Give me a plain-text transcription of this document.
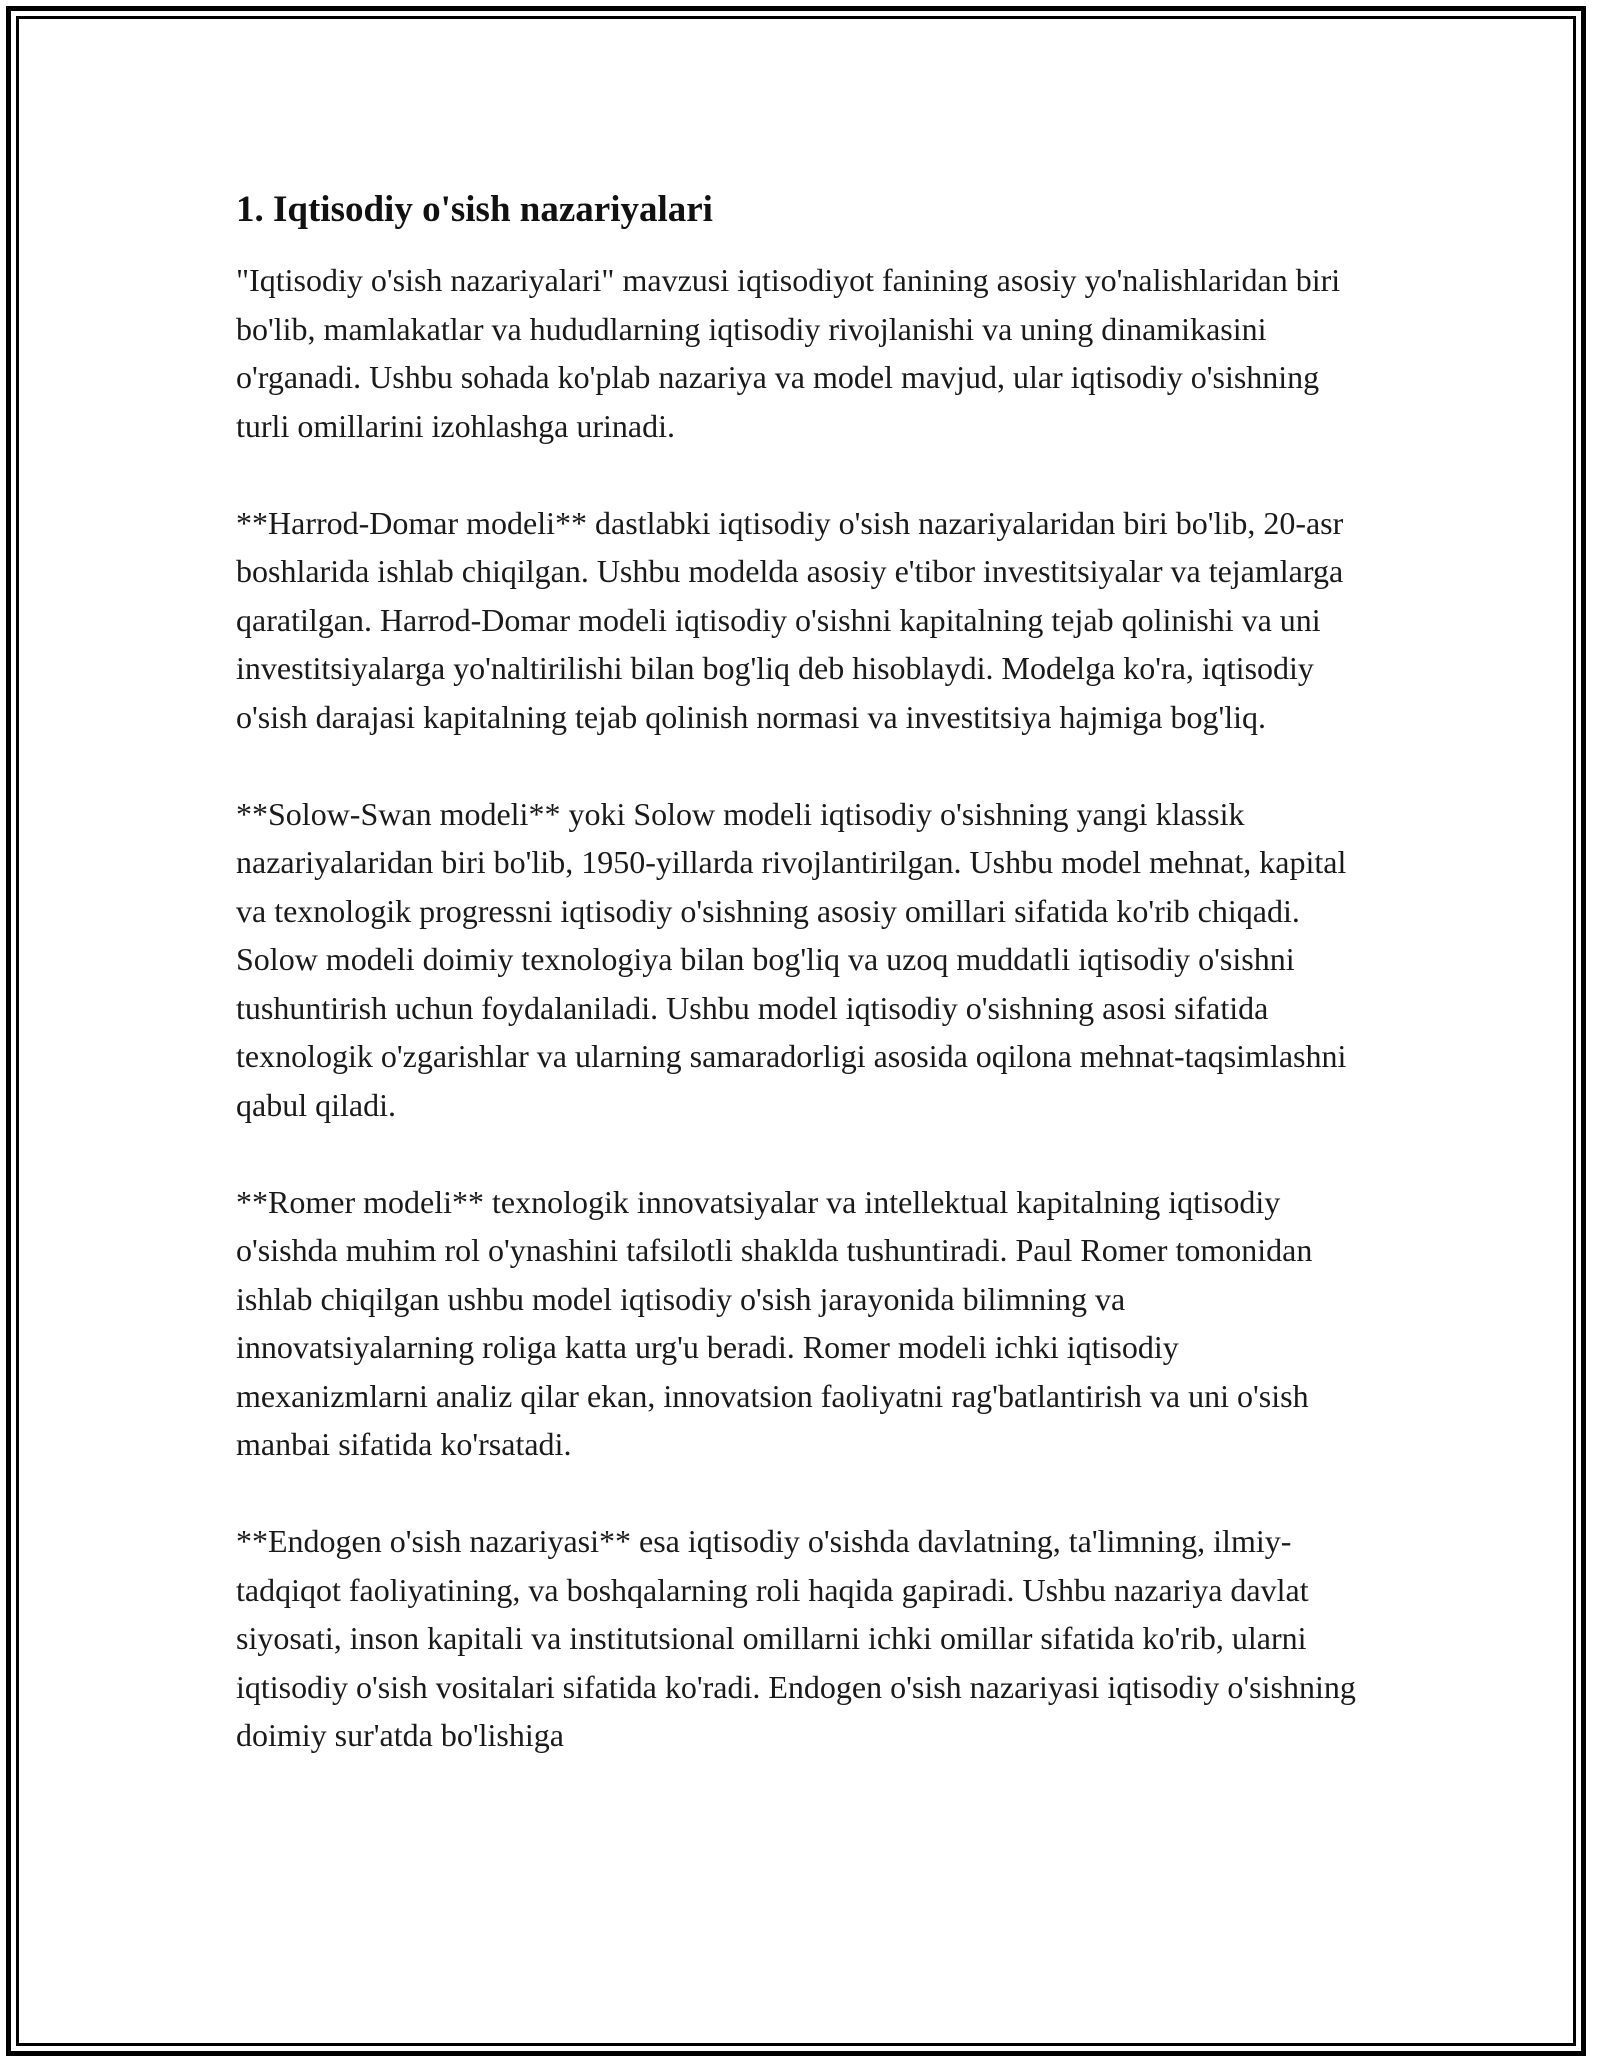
1. Iqtisodiy o'sish nazariyalari

"Iqtisodiy o'sish nazariyalari" mavzusi iqtisodiyot fanining asosiy yo'nalishlaridan biri bo'lib, mamlakatlar va hududlarning iqtisodiy rivojlanishi va uning dinamikasini o'rganadi. Ushbu sohada ko'plab nazariya va model mavjud, ular iqtisodiy o'sishning turli omillarini izohlashga urinadi.

**Harrod-Domar modeli** dastlabki iqtisodiy o'sish nazariyalaridan biri bo'lib, 20-asr boshlarida ishlab chiqilgan. Ushbu modelda asosiy e'tibor investitsiyalar va tejamlarga qaratilgan. Harrod-Domar modeli iqtisodiy o'sishni kapitalning tejab qolinishi va uni investitsiyalarga yo'naltirilishi bilan bog'liq deb hisoblaydi. Modelga ko'ra, iqtisodiy o'sish darajasi kapitalning tejab qolinish normasi va investitsiya hajmiga bog'liq.

**Solow-Swan modeli** yoki Solow modeli iqtisodiy o'sishning yangi klassik nazariyalaridan biri bo'lib, 1950-yillarda rivojlantirilgan. Ushbu model mehnat, kapital va texnologik progressni iqtisodiy o'sishning asosiy omillari sifatida ko'rib chiqadi. Solow modeli doimiy texnologiya bilan bog'liq va uzoq muddatli iqtisodiy o'sishni tushuntirish uchun foydalaniladi. Ushbu model iqtisodiy o'sishning asosi sifatida texnologik o'zgarishlar va ularning samaradorligi asosida oqilona mehnat-taqsimlashni qabul qiladi.

**Romer modeli** texnologik innovatsiyalar va intellektual kapitalning iqtisodiy o'sishda muhim rol o'ynashini tafsilotli shaklda tushuntiradi. Paul Romer tomonidan ishlab chiqilgan ushbu model iqtisodiy o'sish jarayonida bilimning va innovatsiyalarning roliga katta urg'u beradi. Romer modeli ichki iqtisodiy mexanizmlarni analiz qilar ekan, innovatsion faoliyatni rag'batlantirish va uni o'sish manbai sifatida ko'rsatadi.

**Endogen o'sish nazariyasi** esa iqtisodiy o'sishda davlatning, ta'limning, ilmiy-tadqiqot faoliyatining, va boshqalarning roli haqida gapiradi. Ushbu nazariya davlat siyosati, inson kapitali va institutsional omillarni ichki omillar sifatida ko'rib, ularni iqtisodiy o'sish vositalari sifatida ko'radi. Endogen o'sish nazariyasi iqtisodiy o'sishning doimiy sur'atda bo'lishiga
